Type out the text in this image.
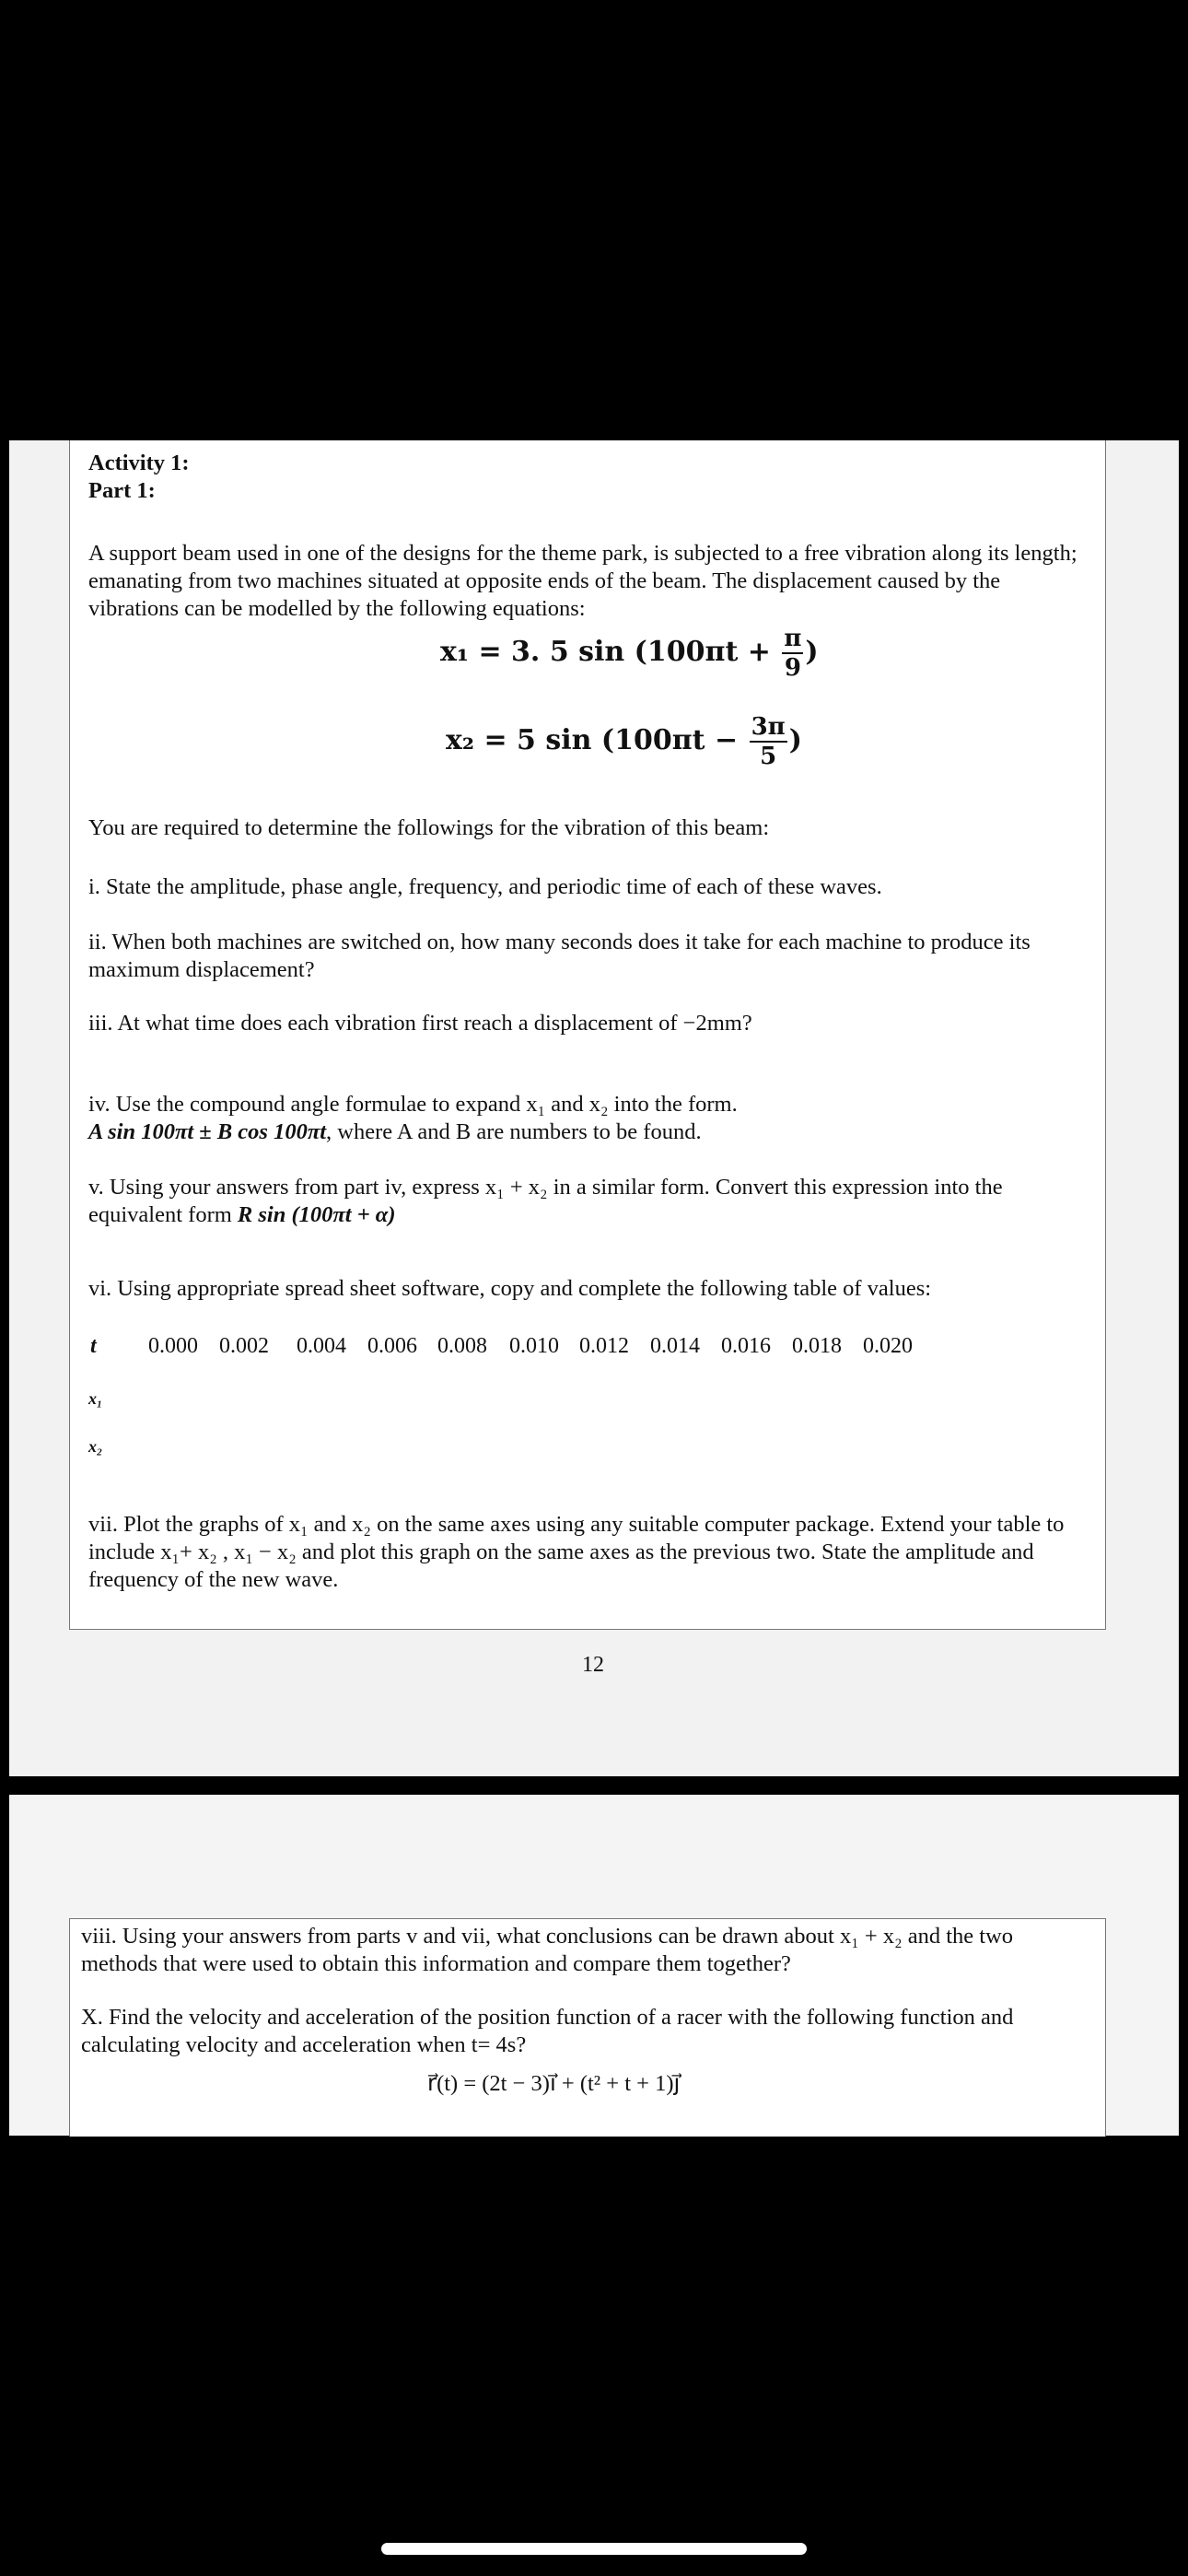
Activity 1:
Part 1:
A support beam used in one of the designs for the theme park, is subjected to a free vibration along its length; emanating from two machines situated at opposite ends of the beam. The displacement caused by the vibrations can be modelled by the following equations:
x₁ = 3. 5 $\sin (100\pi t + \frac{\pi}{9}$ )
x₂ = 5 $\sin (100\pi t - \frac{3\pi}{5}$ )
You are required to determine the followings for the vibration of this beam:
i. State the amplitude, phase angle, frequency, and periodic time of each of these waves.
ii. When both machines are switched on, how many seconds does it take for each machine to produce its maximum displacement?
iii. At what time does each vibration first reach a displacement of −2mm?
iv. Use the compound angle formulae to expand x₁ and x₂ into the form.
A sin 100πt ± B cos 100πt, where A and B are numbers to be found.
v. Using your answers from part iv, express x₁ + x₂ in a similar form. Convert this expression into the
equivalent form R sin (100πt + α)
vi. Using appropriate spread sheet software, copy and complete the following table of values:
t 0.000 0.002 0.004 0.006 0.008 0.010 0.012 0.014 0.016 0.018 0.020
x₁
x₂
vii. Plot the graphs of x₁ and x₂ on the same axes using any suitable computer package. Extend your table to include x₁+ x₂ , x₁ − x₂ and plot this graph on the same axes as the previous two. State the amplitude and frequency of the new wave.
12
viii. Using your answers from parts v and vii, what conclusions can be drawn about x₁ + x₂ and the two methods that were used to obtain this information and compare them together?
X. Find the velocity and acceleration of the position function of a racer with the following function and calculating velocity and acceleration when t= 4s?
r⃗(t) = (2t − 3)i⃗ + (t² + t + 1)j⃗
